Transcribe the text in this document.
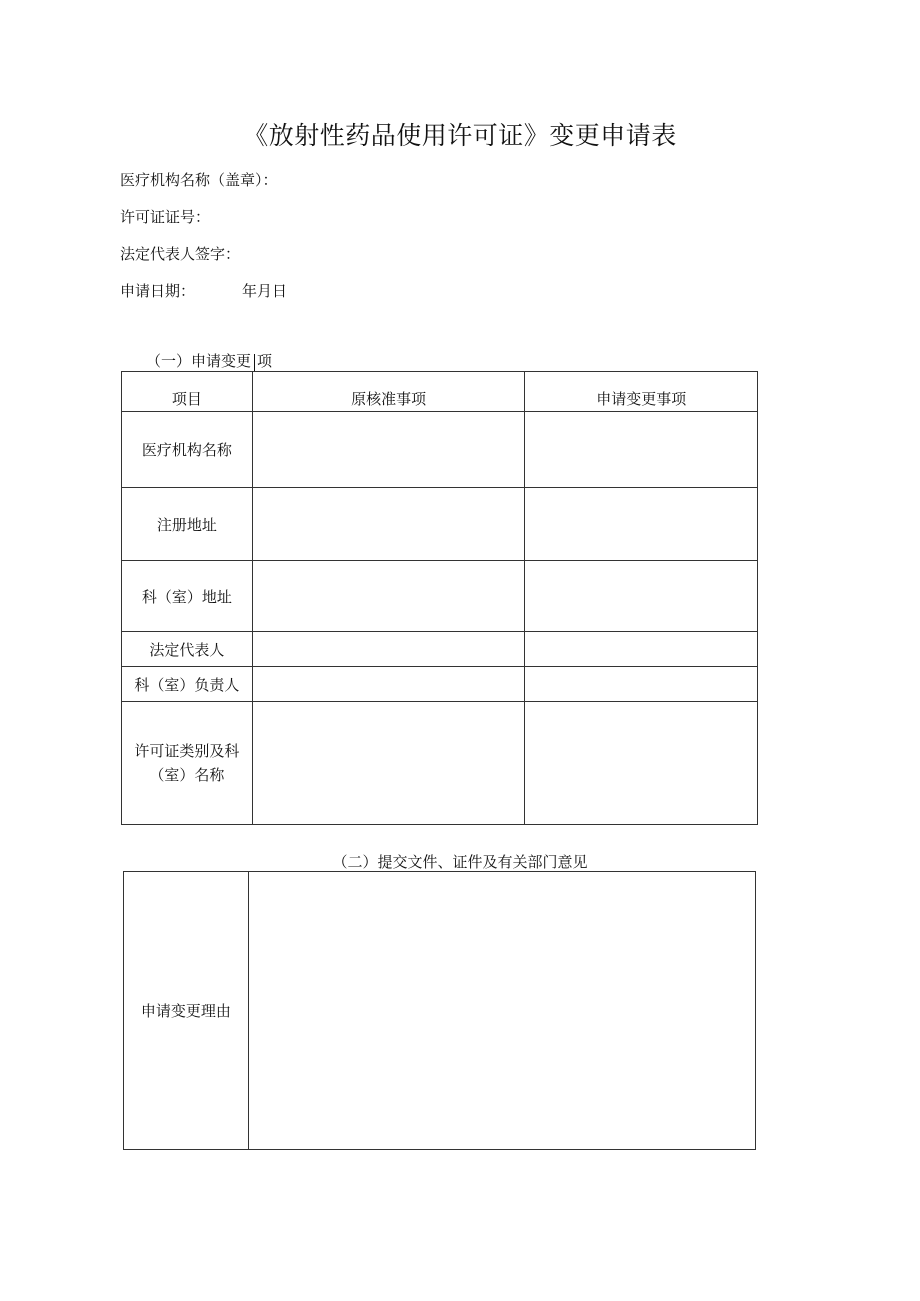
《放射性药品使用许可证》变更申请表
医疗机构名称（盖章）：
许可证证号：
法定代表人签字：
申请日期：	年月日
（一）申请变更 项
项目	原核准事项	申请变更事项
医疗机构名称		
注册地址		
科（室）地址		
法定代表人		
科（室）负责人		
许可证类别及科（室）名称		
（二）提交文件、证件及有关部门意见
申请变更理由	
